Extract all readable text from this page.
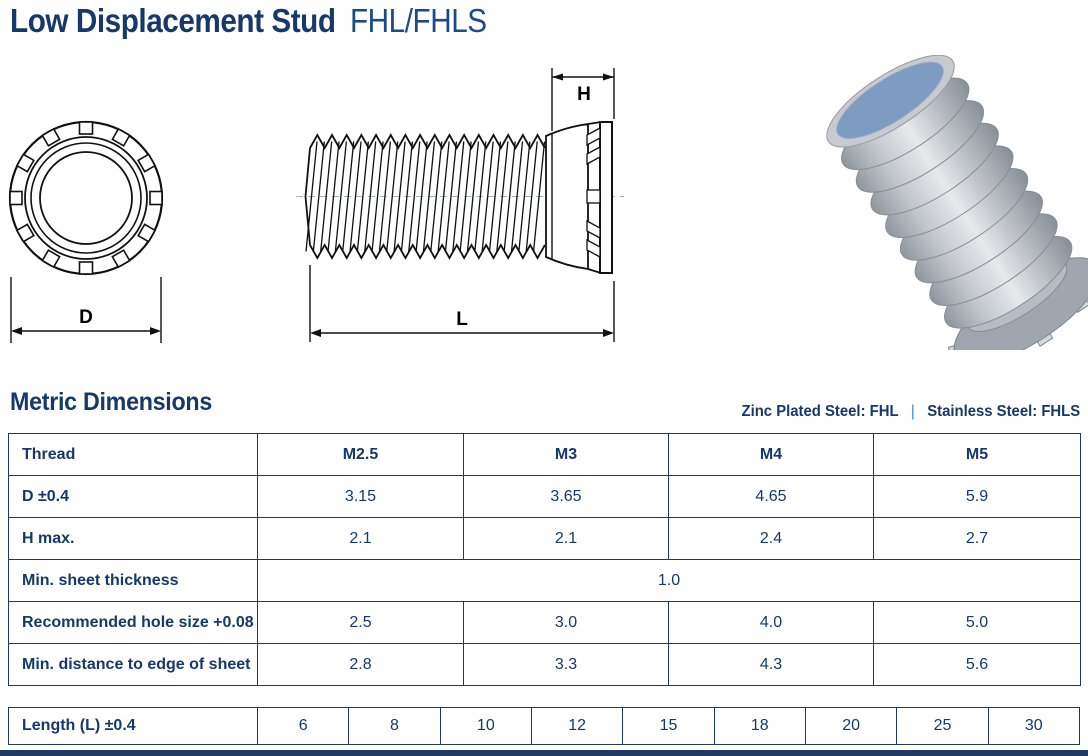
Low Displacement Stud FHL/FHLS
D
H
L
Metric Dimensions	Zinc Plated Steel: FHL | Stainless Steel: FHLS
Thread	M2.5	M3	M4	M5
D ±0.4	3.15	3.65	4.65	5.9
H max.	2.1	2.1	2.4	2.7
Min. sheet thickness	1.0			
Recommended hole size +0.08	2.5	3.0	4.0	5.0
Min. distance to edge of sheet	2.8	3.3	4.3	5.6
Length (L) ±0.4	6	8	10	12	15	18	20	25	30
